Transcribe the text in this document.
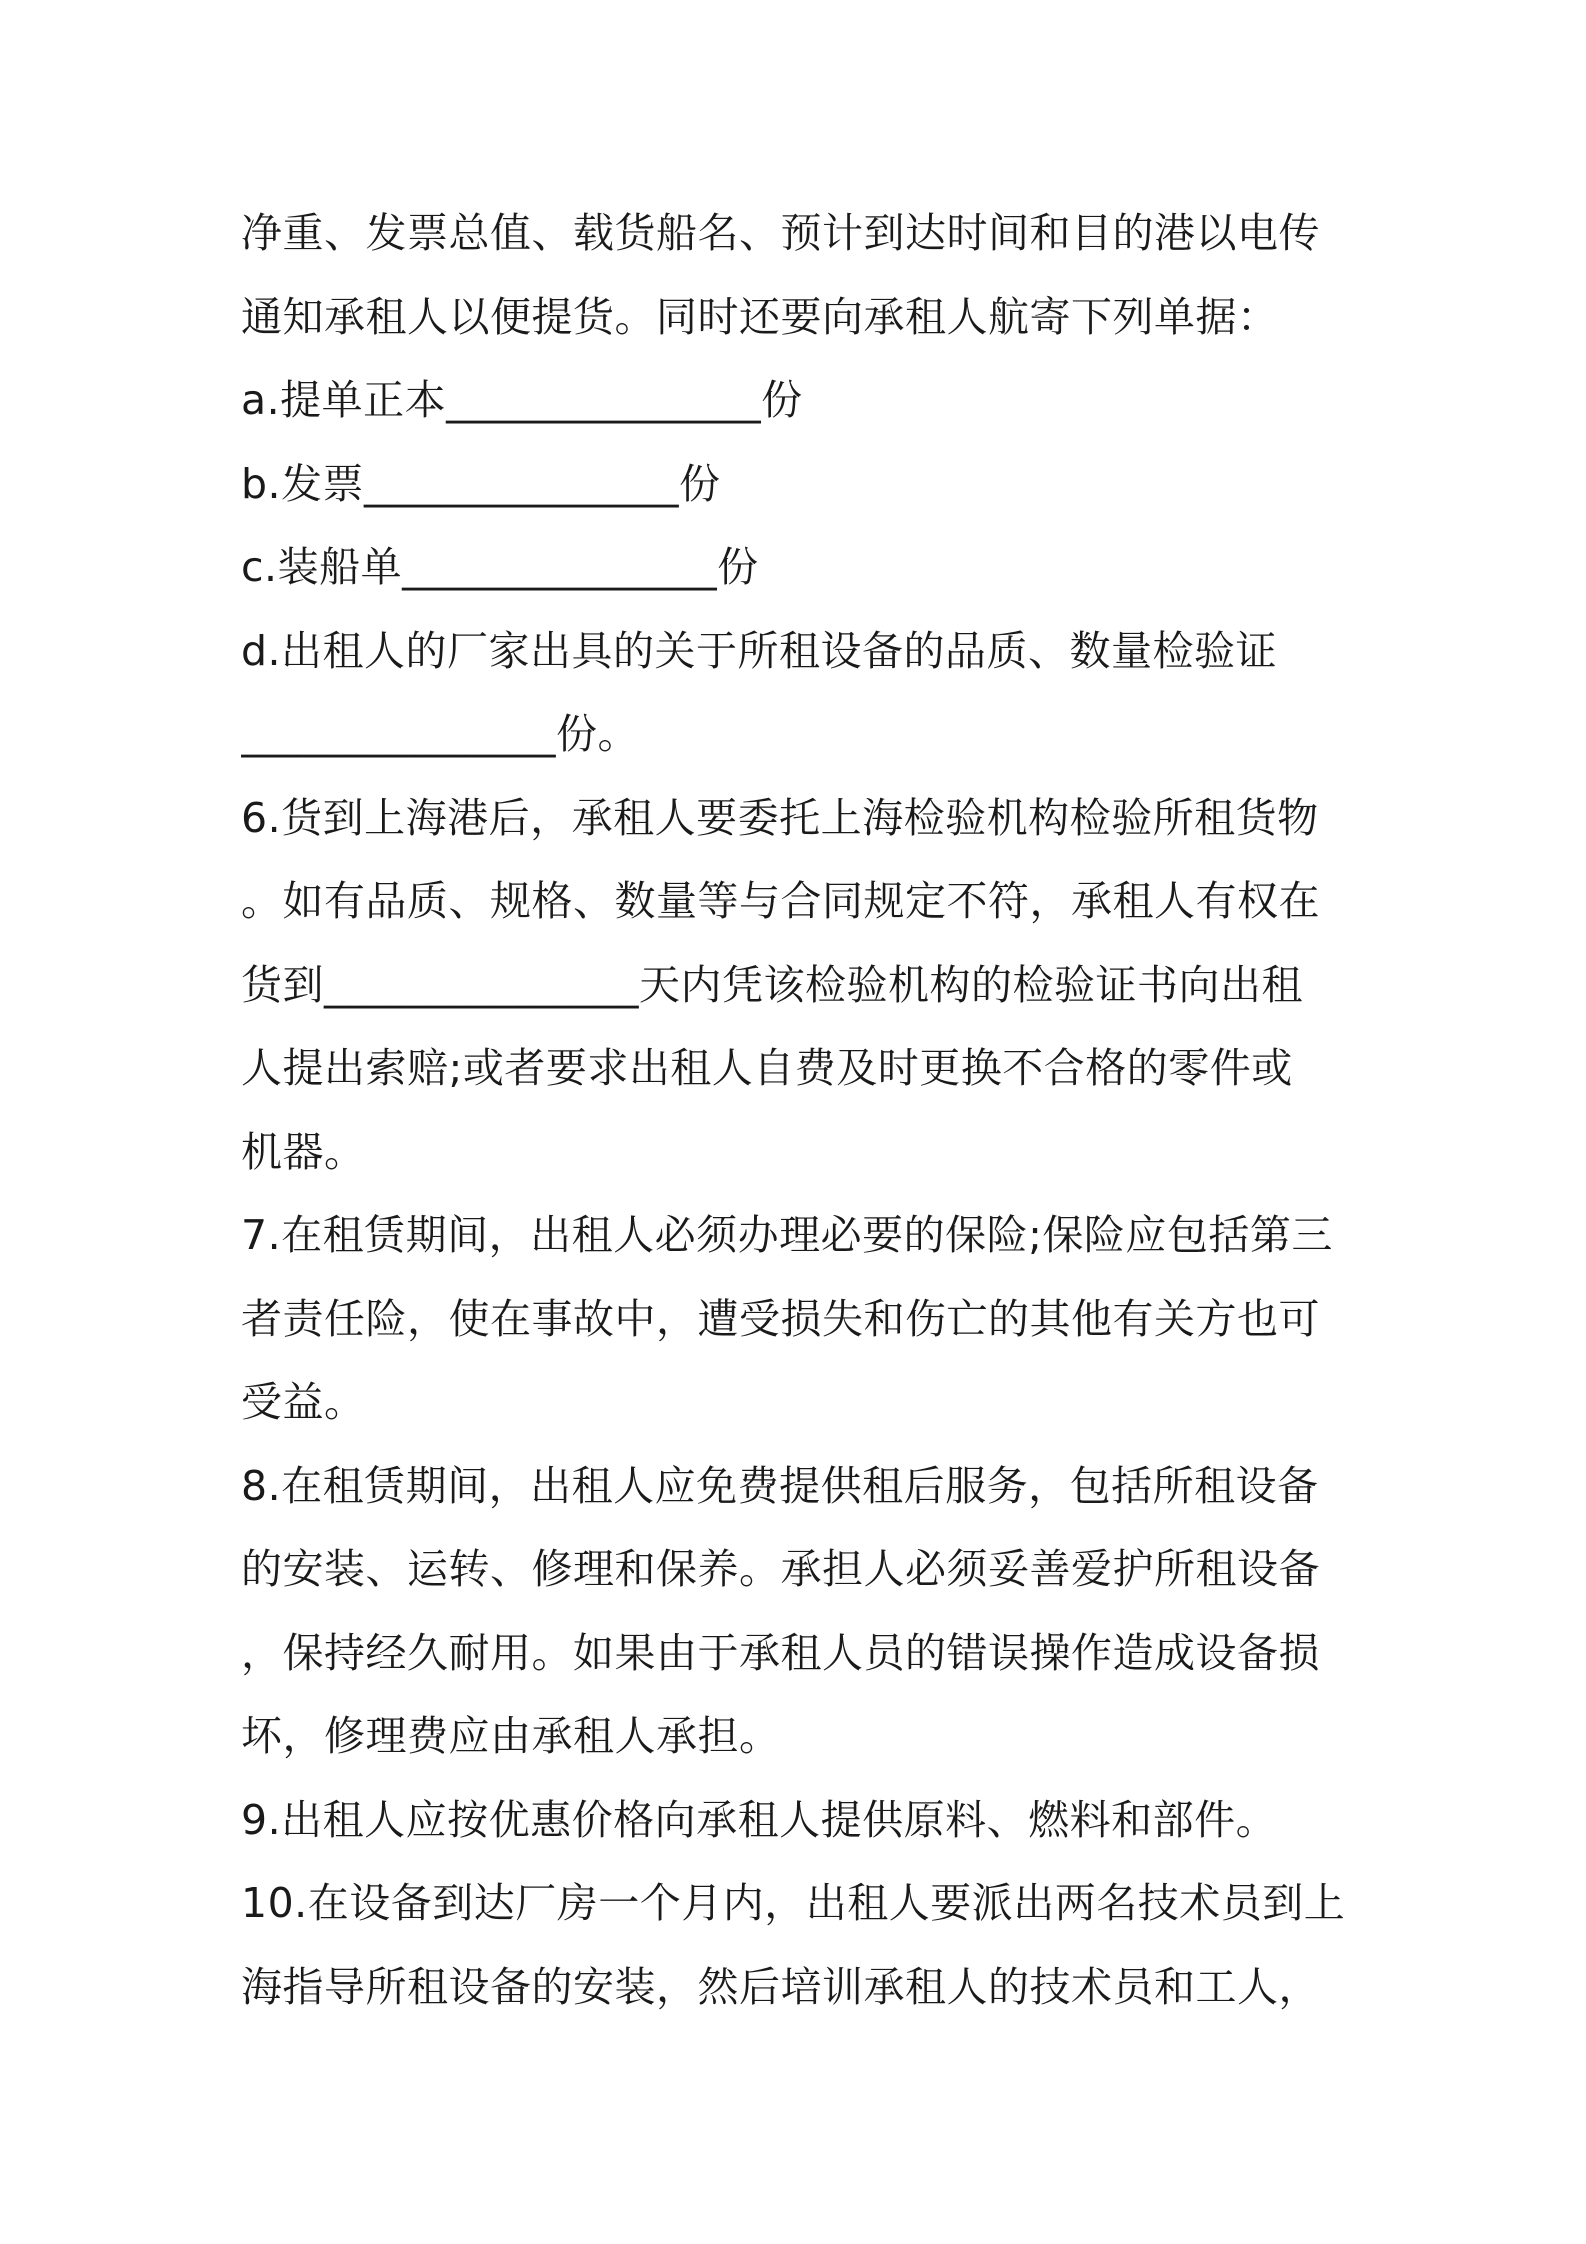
净重、发票总值、载货船名、预计到达时间和目的港以电传
通知承租人以便提货。同时还要向承租人航寄下列单据：
a.提单正本_______________份
b.发票_______________份
c.装船单_______________份
d.出租人的厂家出具的关于所租设备的品质、数量检验证
_______________份。
6.货到上海港后，承租人要委托上海检验机构检验所租货物
。如有品质、规格、数量等与合同规定不符，承租人有权在
货到_______________天内凭该检验机构的检验证书向出租
人提出索赔;或者要求出租人自费及时更换不合格的零件或
机器。
7.在租赁期间，出租人必须办理必要的保险;保险应包括第三
者责任险，使在事故中，遭受损失和伤亡的其他有关方也可
受益。
8.在租赁期间，出租人应免费提供租后服务，包括所租设备
的安装、运转、修理和保养。承担人必须妥善爱护所租设备
，保持经久耐用。如果由于承租人员的错误操作造成设备损
坏，修理费应由承租人承担。
9.出租人应按优惠价格向承租人提供原料、燃料和部件。
10.在设备到达厂房一个月内，出租人要派出两名技术员到上
海指导所租设备的安装，然后培训承租人的技术员和工人，
